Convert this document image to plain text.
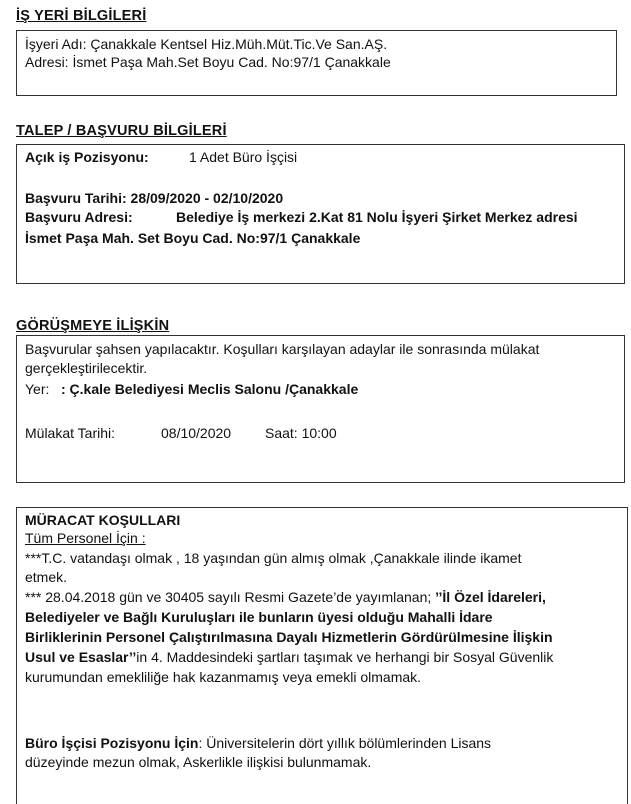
İŞ YERİ BİLGİLERİ
İşyeri Adı: Çanakkale Kentsel Hiz.Müh.Müt.Tic.Ve San.AŞ.
Adresi: İsmet Paşa Mah.Set Boyu Cad. No:97/1 Çanakkale
TALEP / BAŞVURU BİLGİLERİ
Açık iş Pozisyonu:	1 Adet Büro İşçisi
Başvuru Tarihi: 28/09/2020 - 02/10/2020
Başvuru Adresi:	Belediye İş merkezi 2.Kat 81 Nolu İşyeri Şirket Merkez adresi
İsmet Paşa Mah. Set Boyu Cad. No:97/1 Çanakkale
GÖRÜŞMEYE İLİŞKİN
Başvurular şahsen yapılacaktır. Koşulları karşılayan adaylar ile sonrasında mülakat
gerçekleştirilecektir.
Yer: : Ç.kale Belediyesi Meclis Salonu /Çanakkale
Mülakat Tarihi:	08/10/2020 Saat: 10:00
MÜRACAT KOŞULLARI
Tüm Personel İçin :
***T.C. vatandaşı olmak , 18 yaşından gün almış olmak ,Çanakkale ilinde ikamet
etmek.
*** 28.04.2018 gün ve 30405 sayılı Resmi Gazete’de yayımlanan; ’’İl Özel İdareleri,
Belediyeler ve Bağlı Kuruluşları ile bunların üyesi olduğu Mahalli İdare
Birliklerinin Personel Çalıştırılmasına Dayalı Hizmetlerin Gördürülmesine İlişkin
Usul ve Esaslar’’in 4. Maddesindeki şartları taşımak ve herhangi bir Sosyal Güvenlik
kurumundan emekliliğe hak kazanmamış veya emekli olmamak.
Büro İşçisi Pozisyonu İçin: Üniversitelerin dört yıllık bölümlerinden Lisans
düzeyinde mezun olmak, Askerlikle ilişkisi bulunmamak.
